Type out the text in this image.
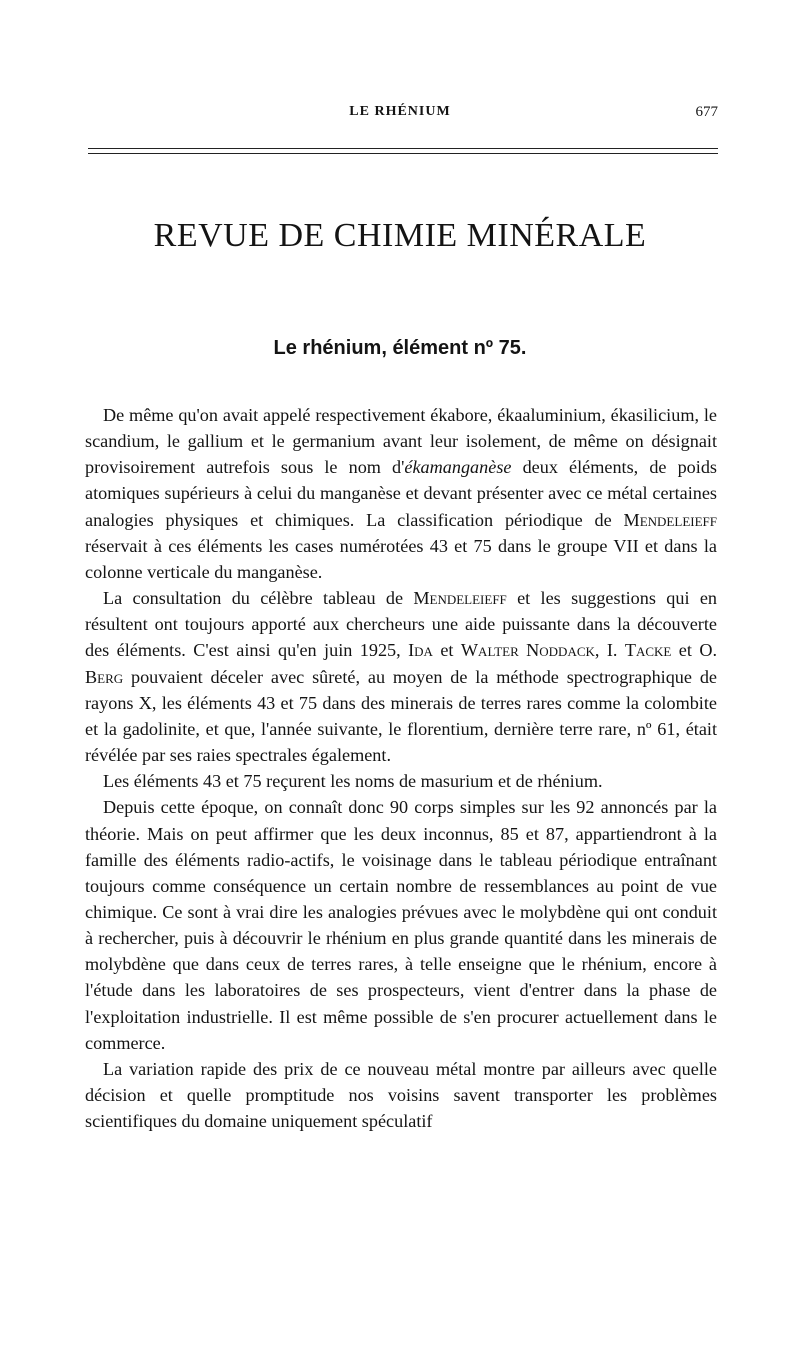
LE RHÉNIUM	677
REVUE DE CHIMIE MINÉRALE
Le rhénium, élément nº 75.

De même qu'on avait appelé respectivement ékabore, ékaaluminium, ékasilicium, le scandium, le gallium et le germanium avant leur isolement, de même on désignait provisoirement autrefois sous le nom d'ékamanganèse deux éléments, de poids atomiques supérieurs à celui du manganèse et devant présenter avec ce métal certaines analogies physiques et chimiques. La classification périodique de Mendeleieff réservait à ces éléments les cases numérotées 43 et 75 dans le groupe VII et dans la colonne verticale du manganèse.

La consultation du célèbre tableau de Mendeleieff et les suggestions qui en résultent ont toujours apporté aux chercheurs une aide puissante dans la découverte des éléments. C'est ainsi qu'en juin 1925, Ida et Walter Noddack, I. Tacke et O. Berg pouvaient déceler avec sûreté, au moyen de la méthode spectrographique de rayons X, les éléments 43 et 75 dans des minerais de terres rares comme la colombite et la gadolinite, et que, l'année suivante, le florentium, dernière terre rare, nº 61, était révélée par ses raies spectrales également.

Les éléments 43 et 75 reçurent les noms de masurium et de rhénium.

Depuis cette époque, on connaît donc 90 corps simples sur les 92 annoncés par la théorie. Mais on peut affirmer que les deux inconnus, 85 et 87, appartiendront à la famille des éléments radio-actifs, le voisinage dans le tableau périodique entraînant toujours comme conséquence un certain nombre de ressemblances au point de vue chimique. Ce sont à vrai dire les analogies prévues avec le molybdène qui ont conduit à rechercher, puis à découvrir le rhénium en plus grande quantité dans les minerais de molybdène que dans ceux de terres rares, à telle enseigne que le rhénium, encore à l'étude dans les laboratoires de ses prospecteurs, vient d'entrer dans la phase de l'exploitation industrielle. Il est même possible de s'en procurer actuellement dans le commerce.

La variation rapide des prix de ce nouveau métal montre par ailleurs avec quelle décision et quelle promptitude nos voisins savent transporter les problèmes scientifiques du domaine uniquement spéculatif
